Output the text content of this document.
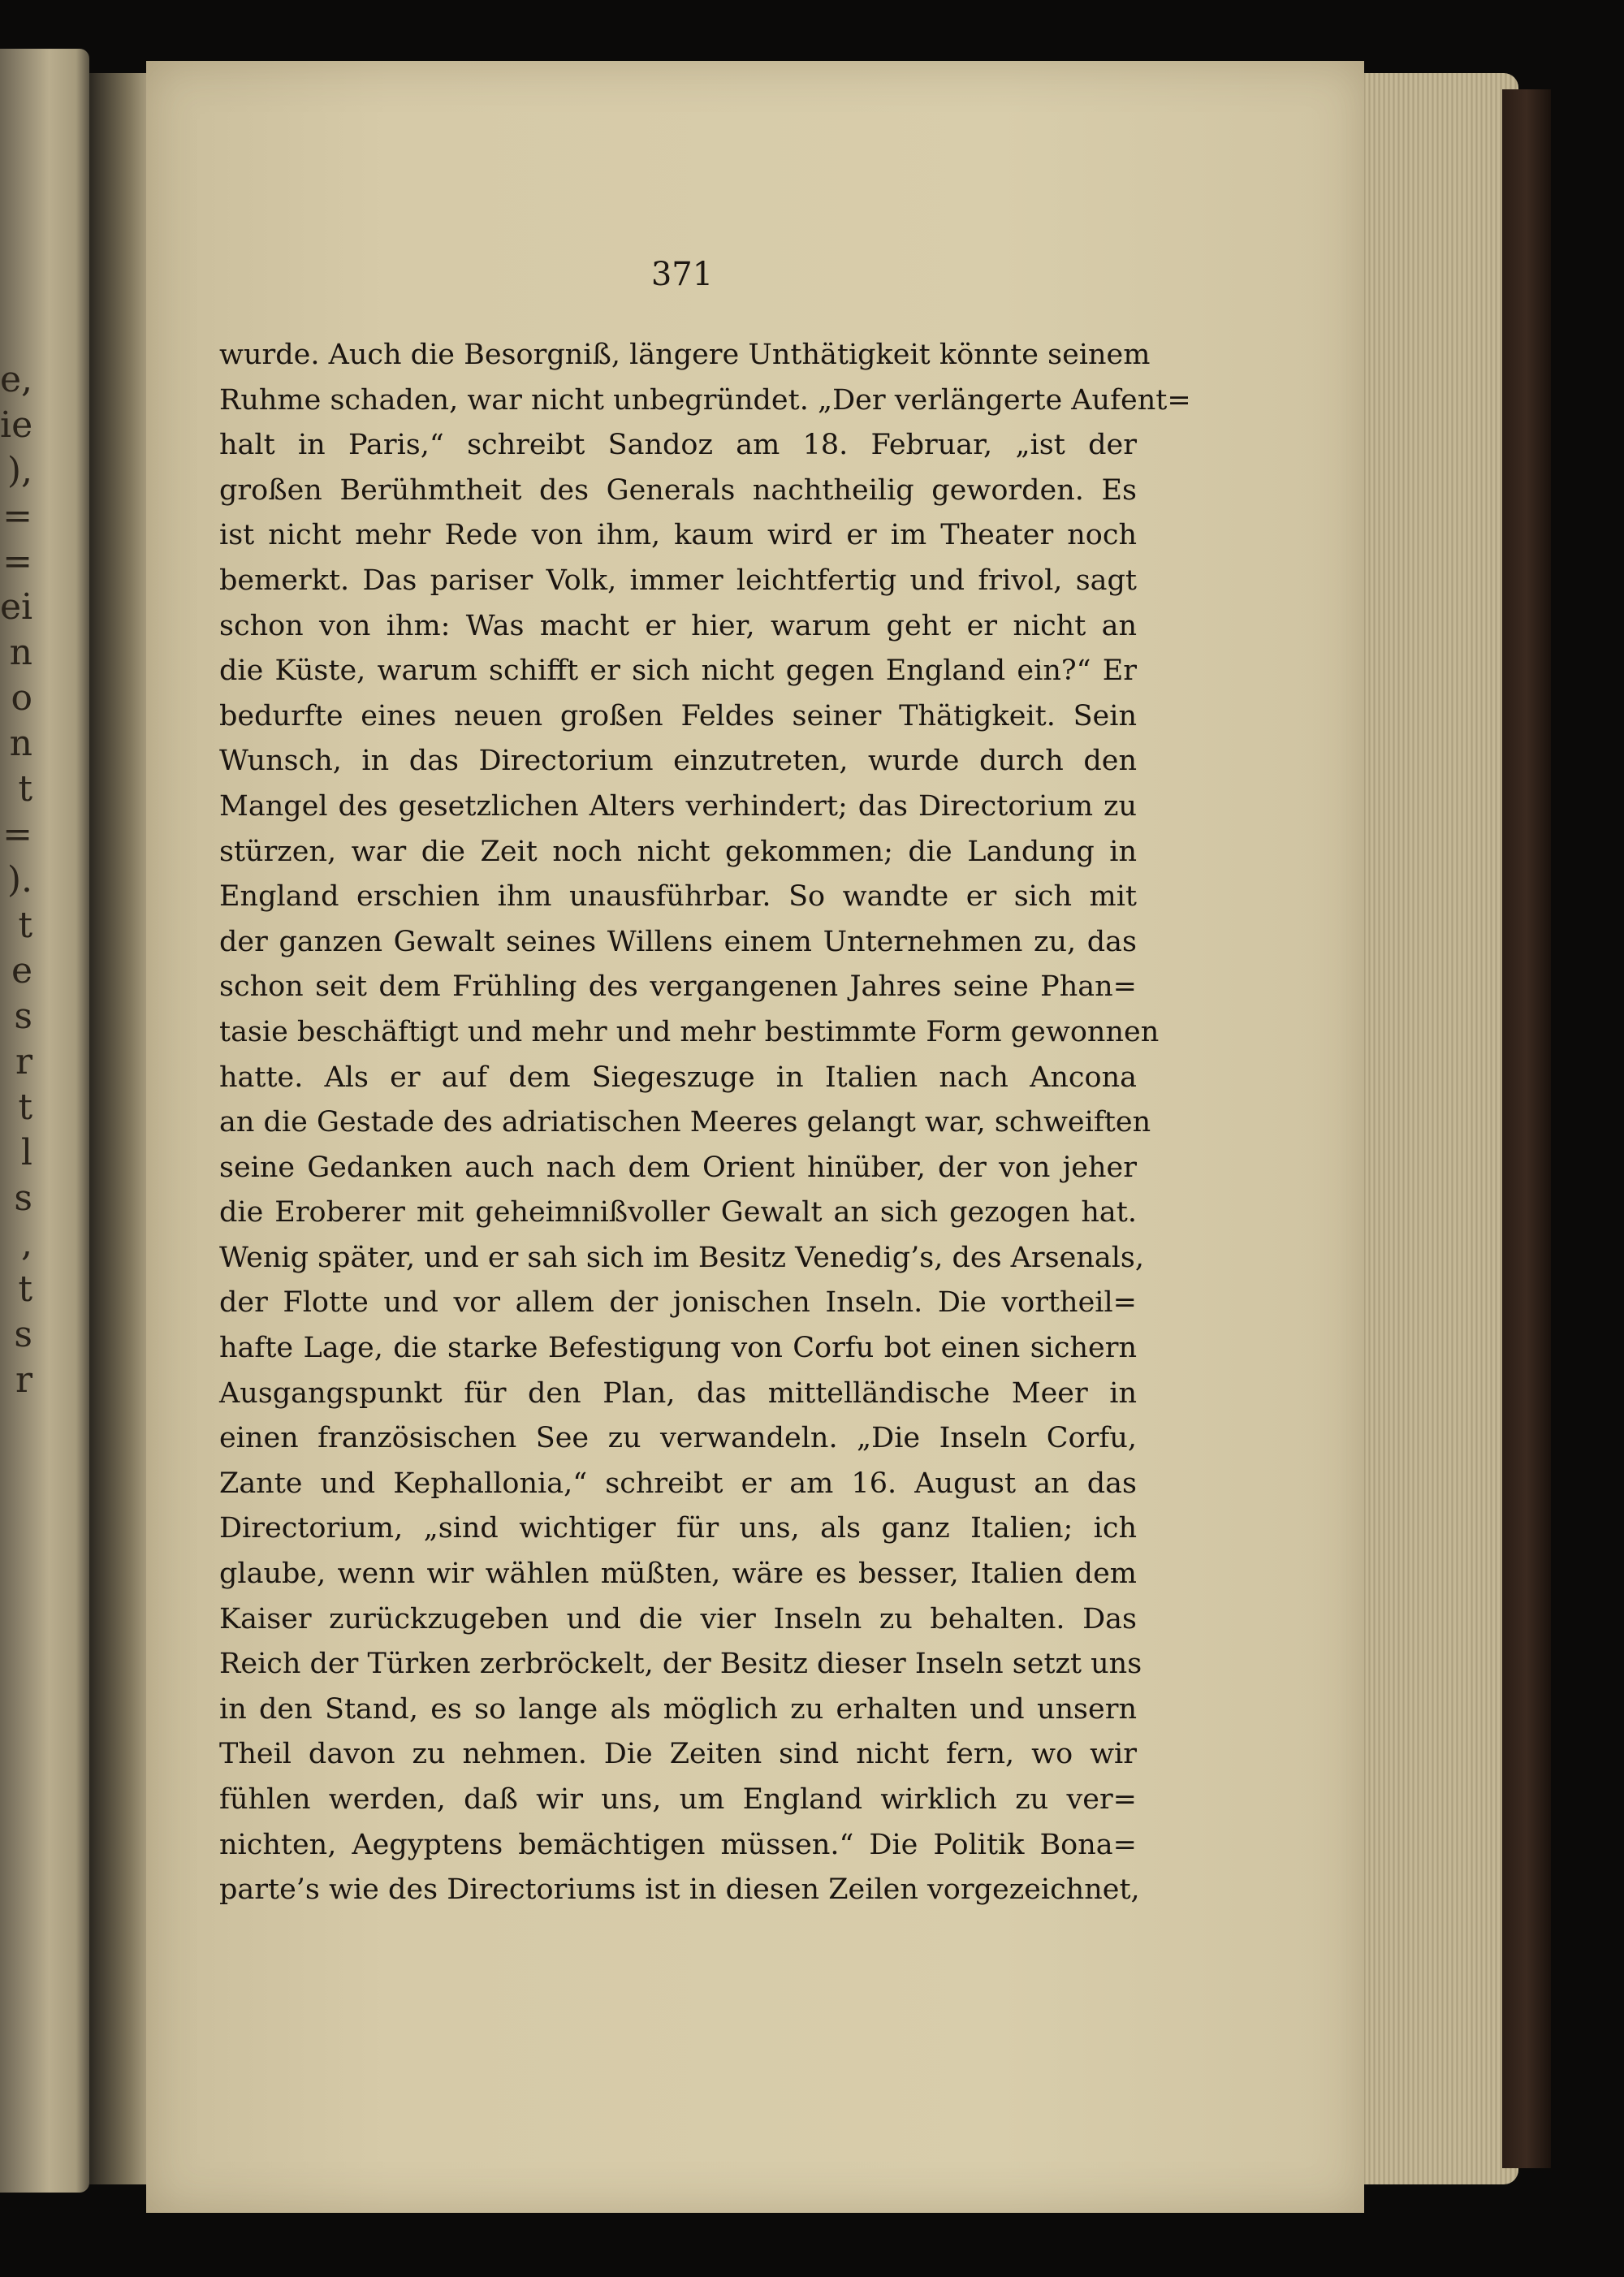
e,
ie
),
=
=
ei
n
o
n
t
=
).
t
e
s
r
t
l
s
,
t
s
r
371
wurde. Auch die Besorgniß, längere Unthätigkeit könnte seinem
Ruhme schaden, war nicht unbegründet. „Der verlängerte Aufent=
halt in Paris,“ schreibt Sandoz am 18. Februar, „ist der
großen Berühmtheit des Generals nachtheilig geworden. Es
ist nicht mehr Rede von ihm, kaum wird er im Theater noch
bemerkt. Das pariser Volk, immer leichtfertig und frivol, sagt
schon von ihm: Was macht er hier, warum geht er nicht an
die Küste, warum schifft er sich nicht gegen England ein?“ Er
bedurfte eines neuen großen Feldes seiner Thätigkeit. Sein
Wunsch, in das Directorium einzutreten, wurde durch den
Mangel des gesetzlichen Alters verhindert; das Directorium zu
stürzen, war die Zeit noch nicht gekommen; die Landung in
England erschien ihm unausführbar. So wandte er sich mit
der ganzen Gewalt seines Willens einem Unternehmen zu, das
schon seit dem Frühling des vergangenen Jahres seine Phan=
tasie beschäftigt und mehr und mehr bestimmte Form gewonnen
hatte. Als er auf dem Siegeszuge in Italien nach Ancona
an die Gestade des adriatischen Meeres gelangt war, schweiften
seine Gedanken auch nach dem Orient hinüber, der von jeher
die Eroberer mit geheimnißvoller Gewalt an sich gezogen hat.
Wenig später, und er sah sich im Besitz Venedig’s, des Arsenals,
der Flotte und vor allem der jonischen Inseln. Die vortheil=
hafte Lage, die starke Befestigung von Corfu bot einen sichern
Ausgangspunkt für den Plan, das mittelländische Meer in
einen französischen See zu verwandeln. „Die Inseln Corfu,
Zante und Kephallonia,“ schreibt er am 16. August an das
Directorium, „sind wichtiger für uns, als ganz Italien; ich
glaube, wenn wir wählen müßten, wäre es besser, Italien dem
Kaiser zurückzugeben und die vier Inseln zu behalten. Das
Reich der Türken zerbröckelt, der Besitz dieser Inseln setzt uns
in den Stand, es so lange als möglich zu erhalten und unsern
Theil davon zu nehmen. Die Zeiten sind nicht fern, wo wir
fühlen werden, daß wir uns, um England wirklich zu ver=
nichten, Aegyptens bemächtigen müssen.“ Die Politik Bona=
parte’s wie des Directoriums ist in diesen Zeilen vorgezeichnet,
